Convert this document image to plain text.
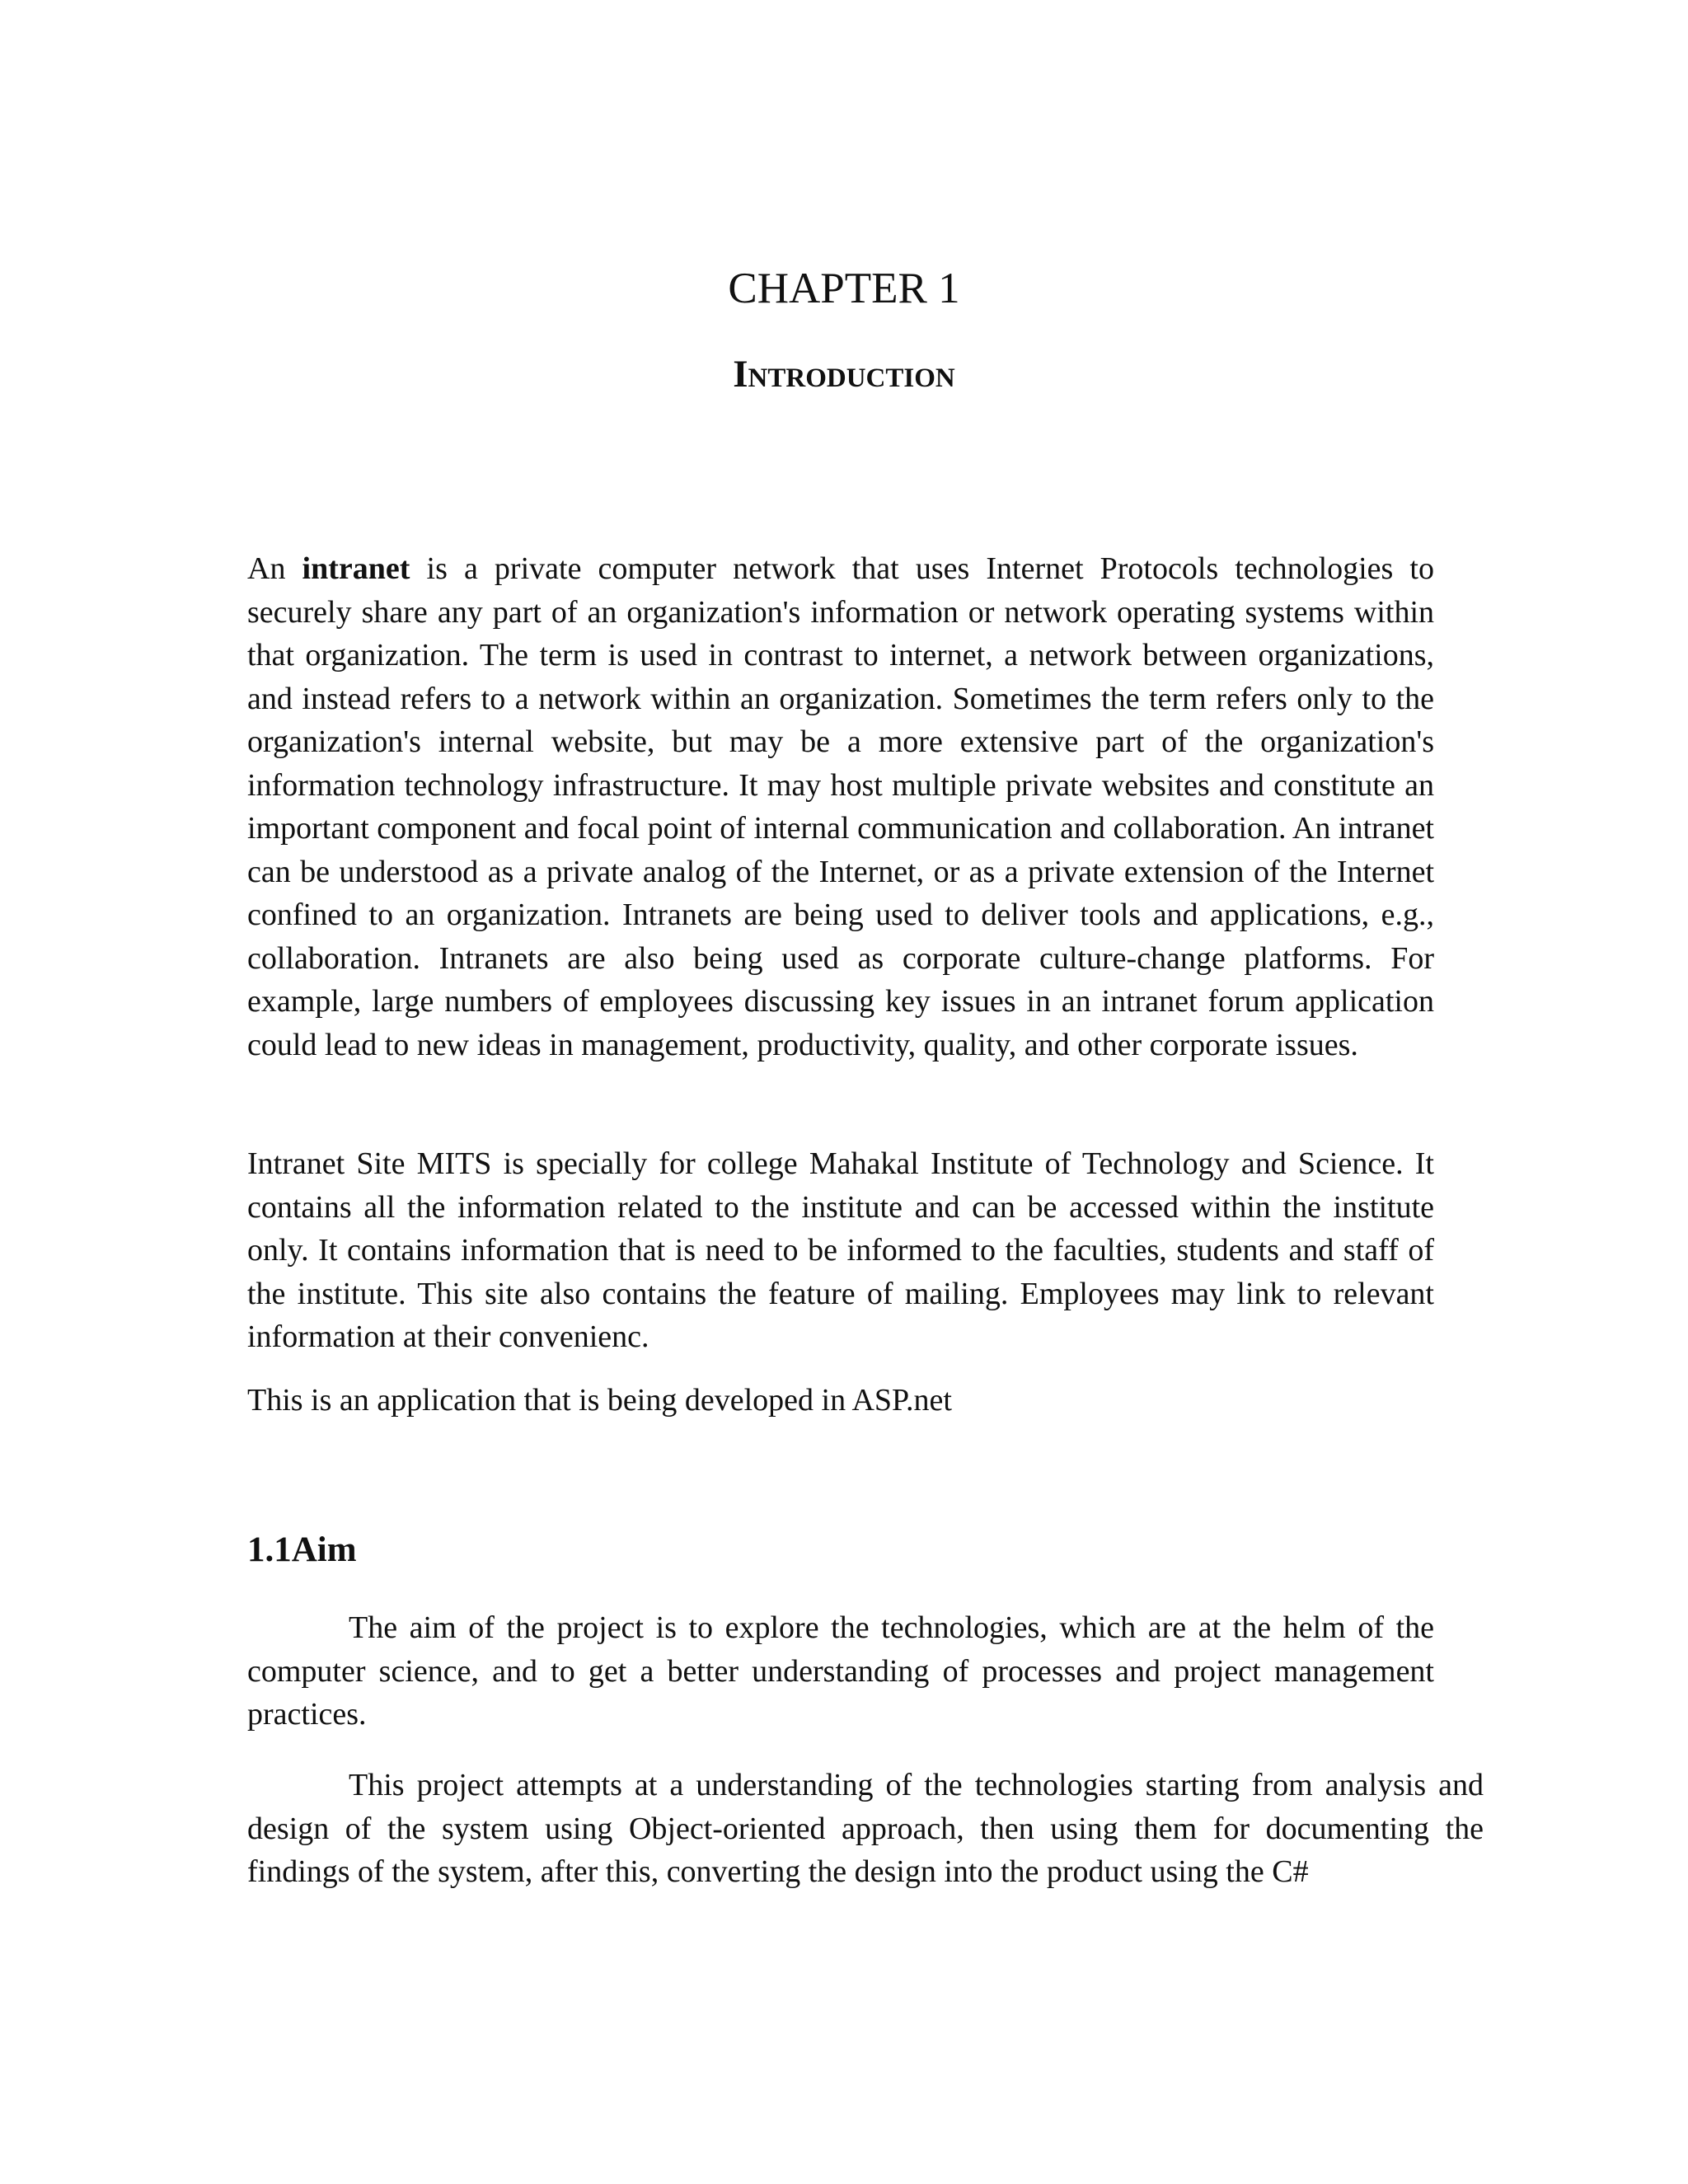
CHAPTER 1
Introduction

An intranet is a private computer network that uses Internet Protocols technologies to securely share any part of an organization's information or network operating systems within that organization. The term is used in contrast to internet, a network between organizations, and instead refers to a network within an organization. Sometimes the term refers only to the organization's internal website, but may be a more extensive part of the organization's information technology infrastructure. It may host multiple private websites and constitute an important component and focal point of internal communication and collaboration. An intranet can be understood as a private analog of the Internet, or as a private extension of the Internet confined to an organization. Intranets are being used to deliver tools and applications, e.g., collaboration. Intranets are also being used as corporate culture-change platforms. For example, large numbers of employees discussing key issues in an intranet forum application could lead to new ideas in management, productivity, quality, and other corporate issues.

Intranet Site MITS is specially for college Mahakal Institute of Technology and Science. It contains all the information related to the institute and can be accessed within the institute only. It contains information that is need to be informed to the faculties, students and staff of the institute. This site also contains the feature of mailing. Employees may link to relevant information at their convenienc.

This is an application that is being developed in ASP.net

1.1Aim

The aim of the project is to explore the technologies, which are at the helm of the computer science, and to get a better understanding of processes and project management practices.

This project attempts at a understanding of the technologies starting from analysis and design of the system using Object-oriented approach, then using them for documenting the findings of the system, after this, converting the design into the product using the C#
